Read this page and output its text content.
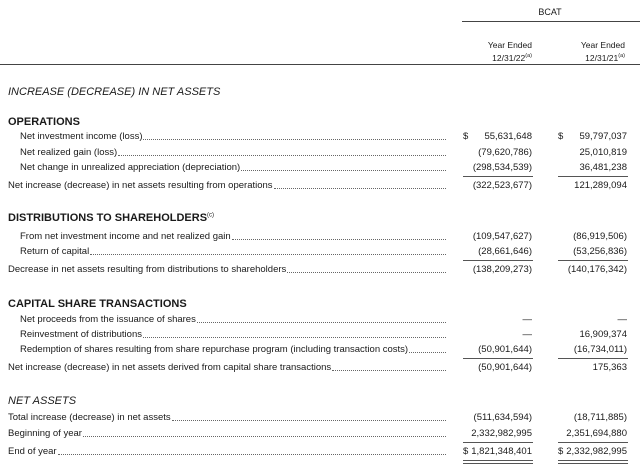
BCAT
Year Ended
12/31/22$^{(a)}$
Year Ended
12/31/21$^{(a)}$
INCREASE (DECREASE) IN NET ASSETS
OPERATIONS
Net investment income (loss)	$ 55,631,648	$ 59,797,037
Net realized gain (loss)	(79,620,786)	25,010,819
Net change in unrealized appreciation (depreciation)	(298,534,539)	36,481,238
Net increase (decrease) in net assets resulting from operations	(322,523,677)	121,289,094
DISTRIBUTIONS TO SHAREHOLDERS$^{(c)}$
From net investment income and net realized gain	(109,547,627)	(86,919,506)
Return of capital	(28,661,646)	(53,256,836)
Decrease in net assets resulting from distributions to shareholders	(138,209,273)	(140,176,342)
CAPITAL SHARE TRANSACTIONS
Net proceeds from the issuance of shares	—	—
Reinvestment of distributions	—	16,909,374
Redemption of shares resulting from share repurchase program (including transaction costs)	(50,901,644)	(16,734,011)
Net increase (decrease) in net assets derived from capital share transactions	(50,901,644)	175,363
NET ASSETS
Total increase (decrease) in net assets	(511,634,594)	(18,711,885)
Beginning of year	2,332,982,995	2,351,694,880
End of year	$ 1,821,348,401	$ 2,332,982,995
